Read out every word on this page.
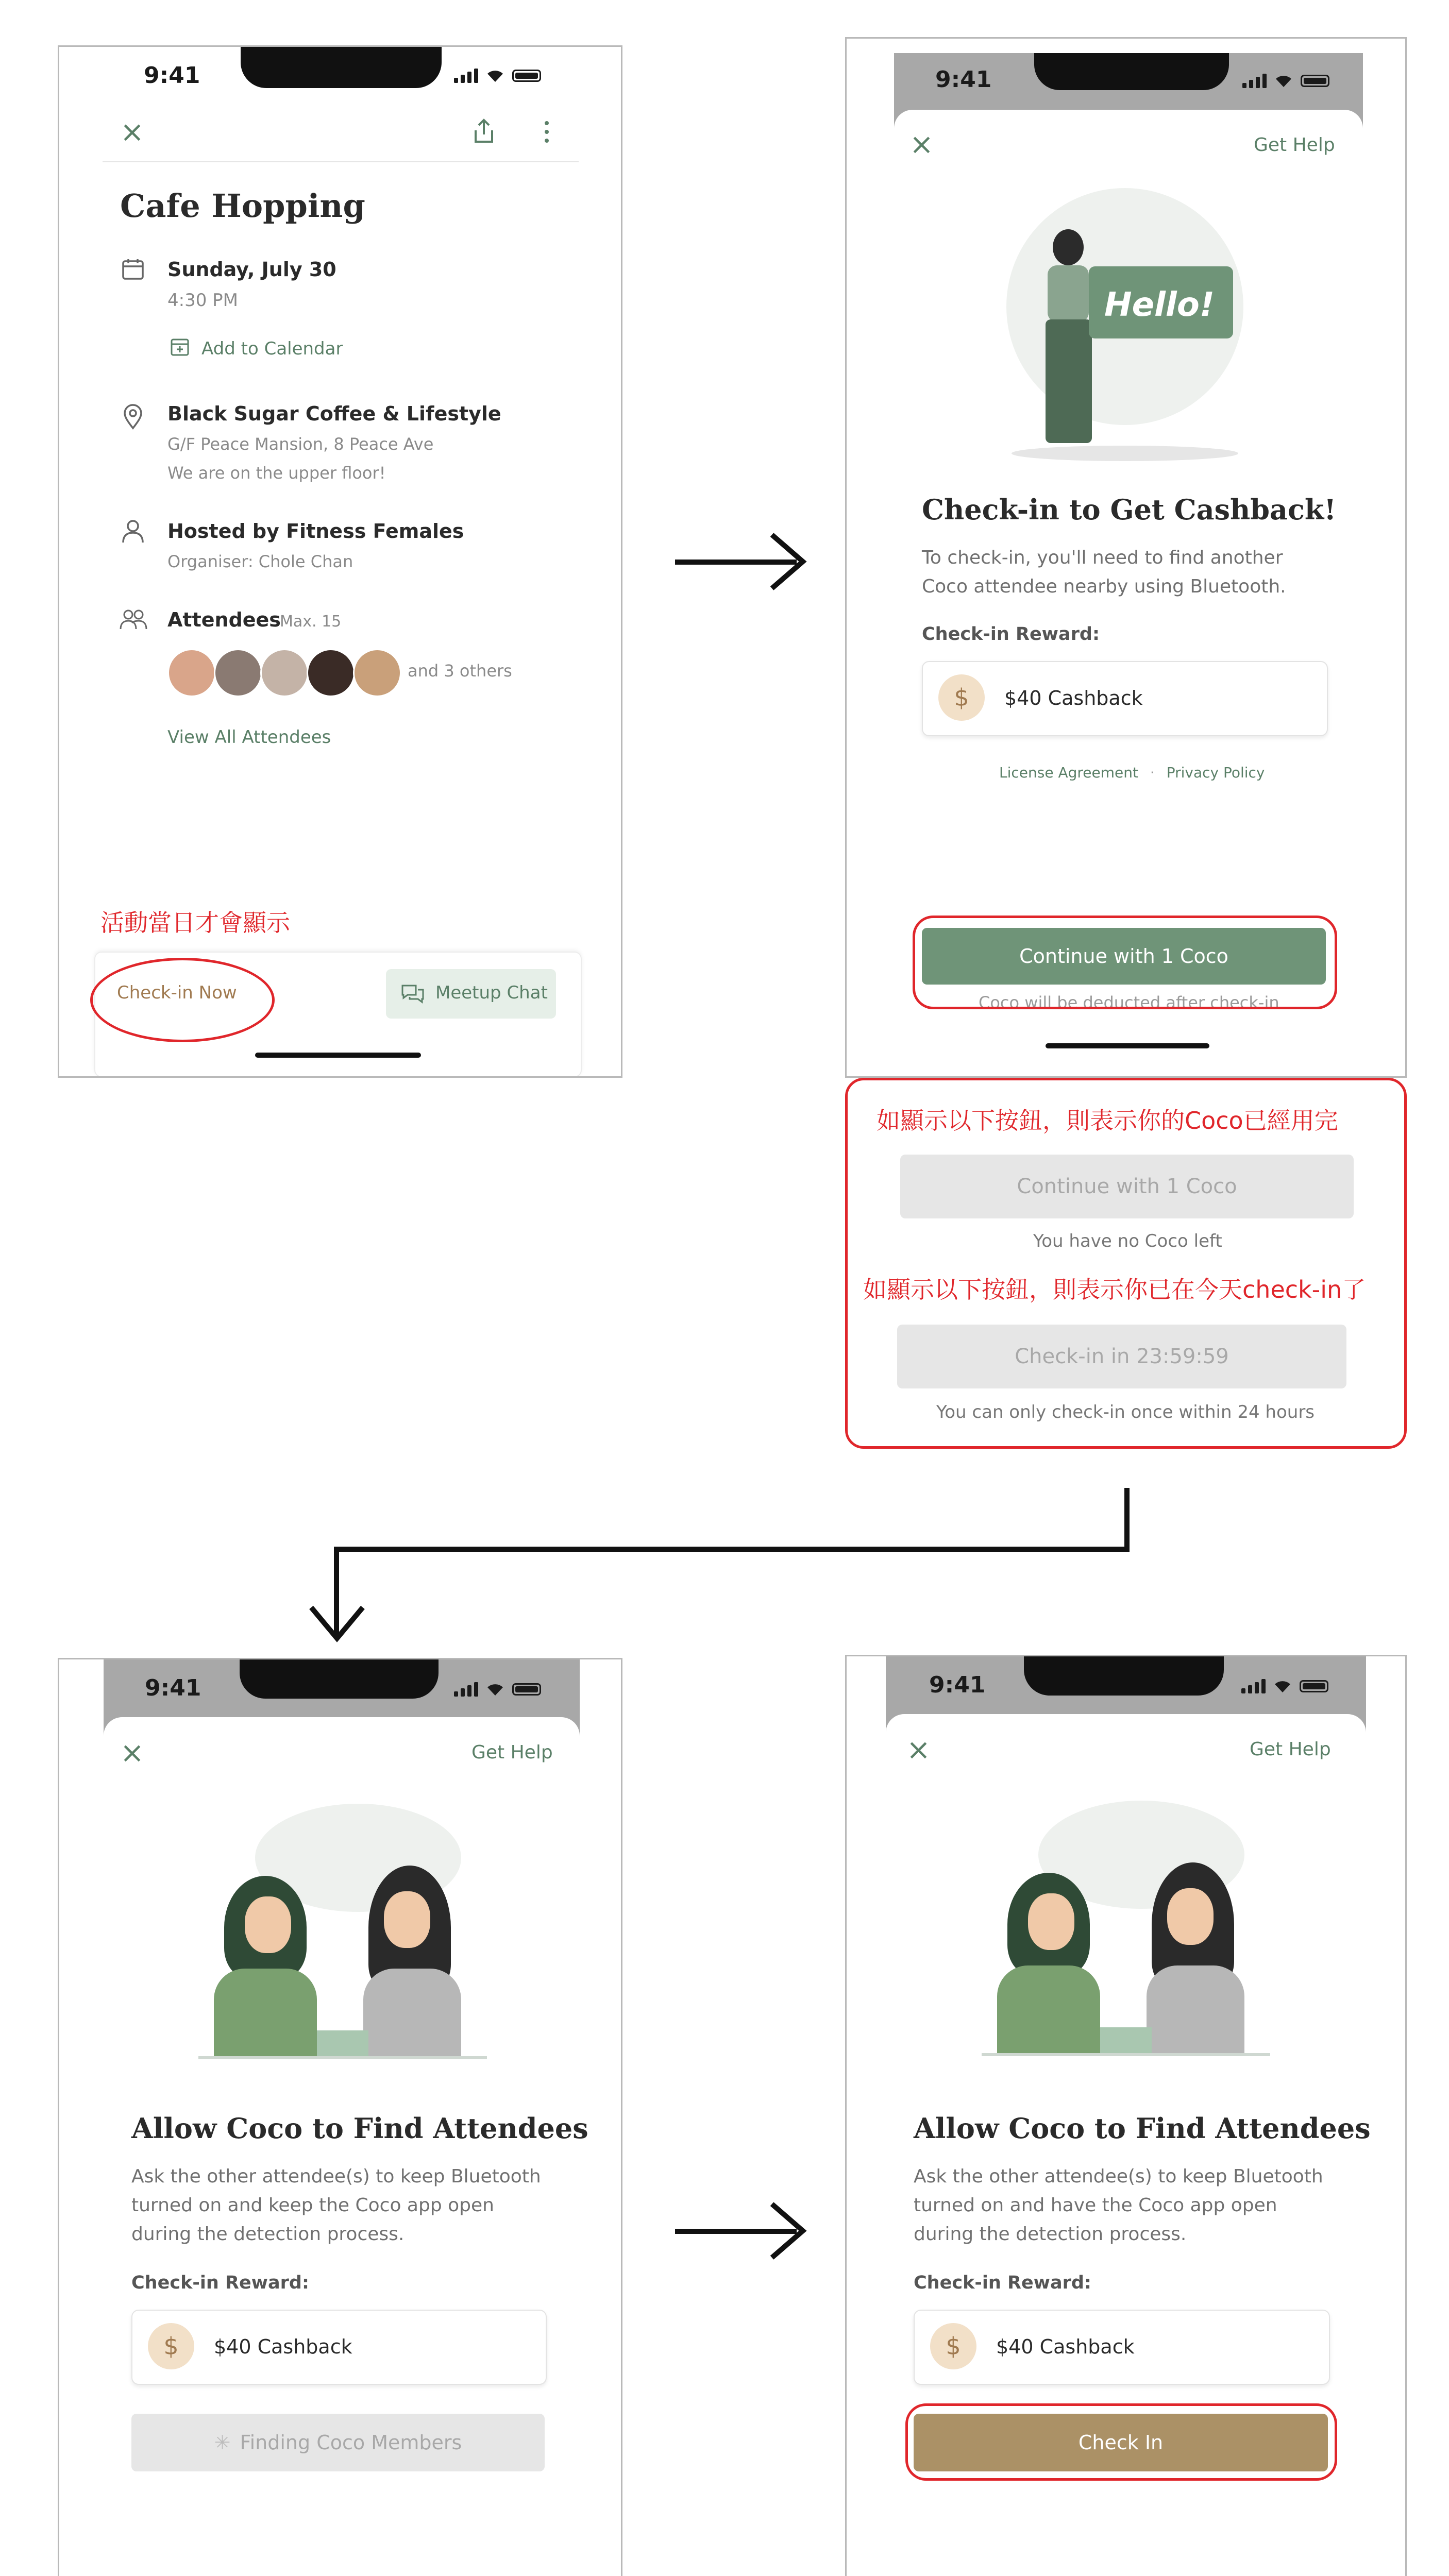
9:41
×
Cafe Hopping
Sunday, July 30
4:30 PM
Add to Calendar
Black Sugar Coffee & Lifestyle
G/F Peace Mansion, 8 Peace Ave
We are on the upper floor!
Hosted by Fitness Females
Organiser: Chole Chan
Attendees
Max. 15
and 3 others
View All Attendees
活動當日才會顯示
Check-in Now	Meetup Chat
9:41
×	Get Help
Hello!
Check-in to Get Cashback!
To check-in, you'll need to find another Coco attendee nearby using Bluetooth.
Check-in Reward:
$	$40 Cashback
License Agreement · Privacy Policy
Coco will be deducted after check-in
Continue with 1 Coco
如顯示以下按鈕，則表示你的Coco已經用完
Continue with 1 Coco
You have no Coco left
如顯示以下按鈕，則表示你已在今天check-in了
Check-in in 23:59:59
You can only check-in once within 24 hours
9:41
×	Get Help
Allow Coco to Find Attendees
Ask the other attendee(s) to keep Bluetooth turned on and keep the Coco app open during the detection process.
Check-in Reward:
$	$40 Cashback
✳ Finding Coco Members
9:41
×	Get Help
Allow Coco to Find Attendees
Ask the other attendee(s) to keep Bluetooth turned on and have the Coco app open during the detection process.
Check-in Reward:
$	$40 Cashback
Check In
